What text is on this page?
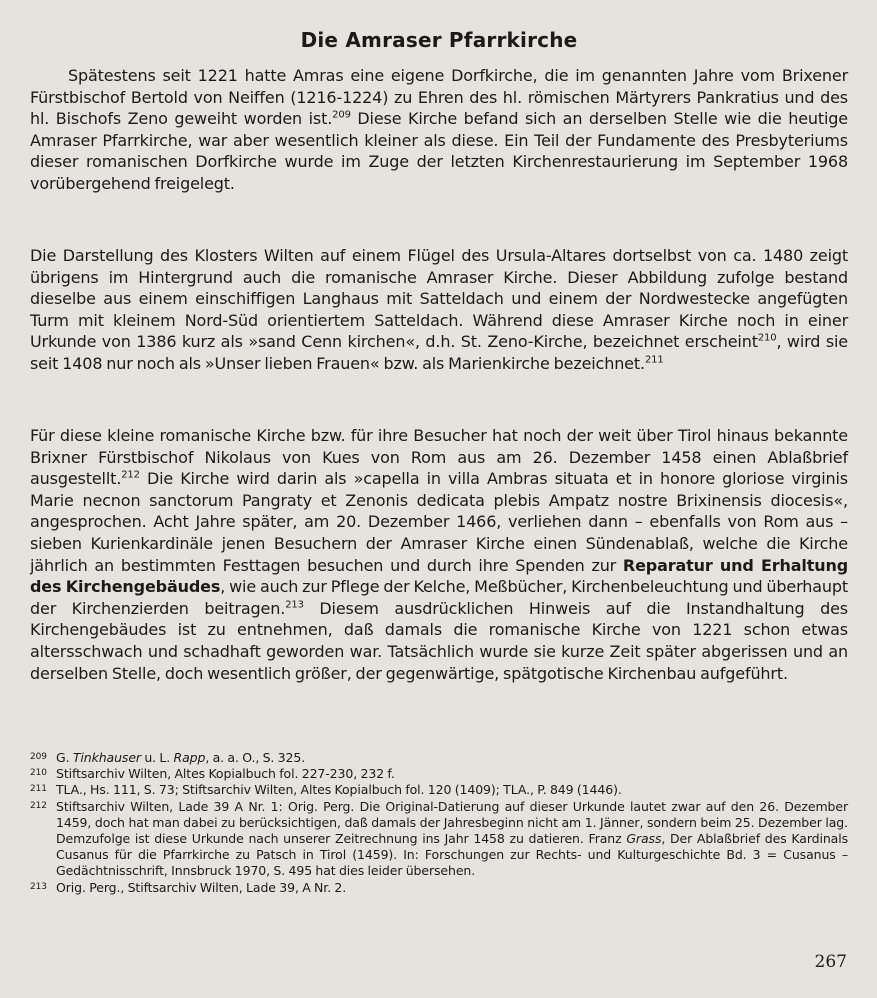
Die Amraser Pfarrkirche

Spätestens seit 1221 hatte Amras eine eigene Dorfkirche, die im genannten Jahre vom Brixener Fürstbischof Bertold von Neiffen (1216-1224) zu Ehren des hl. römischen Märtyrers Pankratius und des hl. Bischofs Zeno geweiht worden ist.$^{209}$ Diese Kirche befand sich an derselben Stelle wie die heutige Amraser Pfarrkirche, war aber wesentlich kleiner als diese. Ein Teil der Fundamente des Presbyteriums dieser romanischen Dorfkirche wurde im Zuge der letzten Kirchenrestaurierung im September 1968 vorübergehend freigelegt.

Die Darstellung des Klosters Wilten auf einem Flügel des Ursula-Altares dortselbst von ca. 1480 zeigt übrigens im Hintergrund auch die romanische Amraser Kirche. Dieser Abbildung zufolge bestand dieselbe aus einem einschiffigen Langhaus mit Satteldach und einem der Nordwestecke angefügten Turm mit kleinem Nord-Süd orientiertem Satteldach. Während diese Amraser Kirche noch in einer Urkunde von 1386 kurz als »sand Cenn kirchen«, d.h. St. Zeno-Kirche, bezeichnet erscheint$^{210}$, wird sie seit 1408 nur noch als »Unser lieben Frauen« bzw. als Marienkirche bezeichnet.$^{211}$

Für diese kleine romanische Kirche bzw. für ihre Besucher hat noch der weit über Tirol hinaus bekannte Brixner Fürstbischof Nikolaus von Kues von Rom aus am 26. Dezember 1458 einen Ablaßbrief ausgestellt.$^{212}$ Die Kirche wird darin als »capella in villa Ambras situata et in honore gloriose virginis Marie necnon sanctorum Pangraty et Zenonis dedicata plebis Ampatz nostre Brixinensis diocesis«, angesprochen. Acht Jahre später, am 20. Dezember 1466, verliehen dann – ebenfalls von Rom aus – sieben Kurienkardinäle jenen Besuchern der Amraser Kirche einen Sündenablaß, welche die Kirche jährlich an bestimmten Festtagen besuchen und durch ihre Spenden zur Reparatur und Erhaltung des Kirchengebäudes, wie auch zur Pflege der Kelche, Meßbücher, Kirchenbeleuchtung und überhaupt der Kirchenzierden beitragen.$^{213}$ Diesem ausdrücklichen Hinweis auf die Instandhaltung des Kirchengebäudes ist zu entnehmen, daß damals die romanische Kirche von 1221 schon etwas altersschwach und schadhaft geworden war. Tatsächlich wurde sie kurze Zeit später abgerissen und an derselben Stelle, doch wesentlich größer, der gegenwärtige, spätgotische Kirchenbau aufgeführt.

209 G. Tinkhauser u. L. Rapp, a. a. O., S. 325.
210 Stiftsarchiv Wilten, Altes Kopialbuch fol. 227-230, 232 f.
211 TLA., Hs. 111, S. 73; Stiftsarchiv Wilten, Altes Kopialbuch fol. 120 (1409); TLA., P. 849 (1446).
212 Stiftsarchiv Wilten, Lade 39 A Nr. 1: Orig. Perg. Die Original-Datierung auf dieser Urkunde lautet zwar auf den 26. Dezember 1459, doch hat man dabei zu berücksichtigen, daß damals der Jahresbeginn nicht am 1. Jänner, sondern beim 25. Dezember lag. Demzufolge ist diese Urkunde nach unserer Zeitrechnung ins Jahr 1458 zu datieren. Franz Grass, Der Ablaßbrief des Kardinals Cusanus für die Pfarrkirche zu Patsch in Tirol (1459). In: Forschungen zur Rechts- und Kulturgeschichte Bd. 3 = Cusanus – Gedächtnisschrift, Innsbruck 1970, S. 495 hat dies leider übersehen.
213 Orig. Perg., Stiftsarchiv Wilten, Lade 39, A Nr. 2.
267
